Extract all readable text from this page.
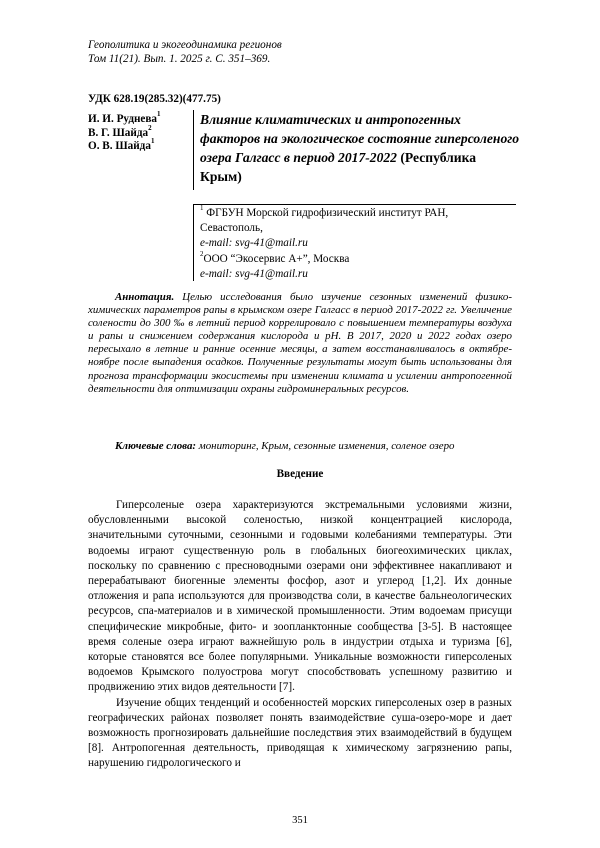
Геополитика и экогеодинамика регионов
Том 11(21). Вып. 1. 2025 г. С. 351–369.
УДК 628.19(285.32)(477.75)
И. И. Руднева$^1$
В. Г. Шайда$^2$
О. В. Шайда$^1$
Влияние климатических и антропогенных факторов на экологическое состояние гиперсоленого озера Галгасс в период 2017-2022 (Республика Крым)
$^1$ ФГБУН Морской гидрофизический институт РАН,
Севастополь,
e-mail: svg-41@mail.ru
$^2$ООО “Экосервис А+”, Москва
e-mail: svg-41@mail.ru
Аннотация. Целью исследования было изучение сезонных изменений физико-химических параметров рапы в крымском озере Галгасс в период 2017-2022 гг. Увеличение солености до 300 ‰ в летний период коррелировало с повышением температуры воздуха и рапы и снижением содержания кислорода и рН. В 2017, 2020 и 2022 годах озеро пересыхало в летние и ранние осенние месяцы, а затем восстанавливалось в октябре-ноябре после выпадения осадков. Полученные результаты могут быть использованы для прогноза трансформации экосистемы при изменении климата и усилении антропогенной деятельности для оптимизации охраны гидроминеральных ресурсов.
Ключевые слова: мониторинг, Крым, сезонные изменения, соленое озеро
Введение

Гиперсоленые озера характеризуются экстремальными условиями жизни, обусловленными высокой соленостью, низкой концентрацией кислорода, значительными суточными, сезонными и годовыми колебаниями температуры. Эти водоемы играют существенную роль в глобальных биогеохимических циклах, поскольку по сравнению с пресноводными озерами они эффективнее накапливают и перерабатывают биогенные элементы фосфор, азот и углерод [1,2]. Их донные отложения и рапа используются для производства соли, в качестве бальнеологических ресурсов, спа-материалов и в химической промышленности. Этим водоемам присущи специфические микробные, фито- и зоопланктонные сообщества [3-5]. В настоящее время соленые озера играют важнейшую роль в индустрии отдыха и туризма [6], которые становятся все более популярными. Уникальные возможности гиперсоленых водоемов Крымского полуострова могут способствовать успешному развитию и продвижению этих видов деятельности [7].

Изучение общих тенденций и особенностей морских гиперсоленых озер в разных географических районах позволяет понять взаимодействие суша-озеро-море и дает возможность прогнозировать дальнейшие последствия этих взаимодействий в будущем [8]. Антропогенная деятельность, приводящая к химическому загрязнению рапы, нарушению гидрологического и

351
